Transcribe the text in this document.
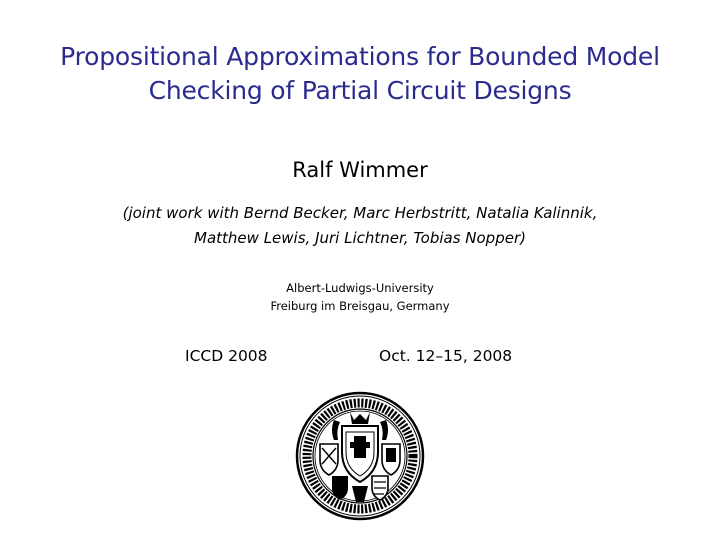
Propositional Approximations for Bounded Model
Checking of Partial Circuit Designs
Ralf Wimmer
(joint work with Bernd Becker, Marc Herbstritt, Natalia Kalinnik,
Matthew Lewis, Juri Lichtner, Tobias Nopper)
Albert-Ludwigs-University
Freiburg im Breisgau, Germany
ICCD 2008	Oct. 12–15, 2008
